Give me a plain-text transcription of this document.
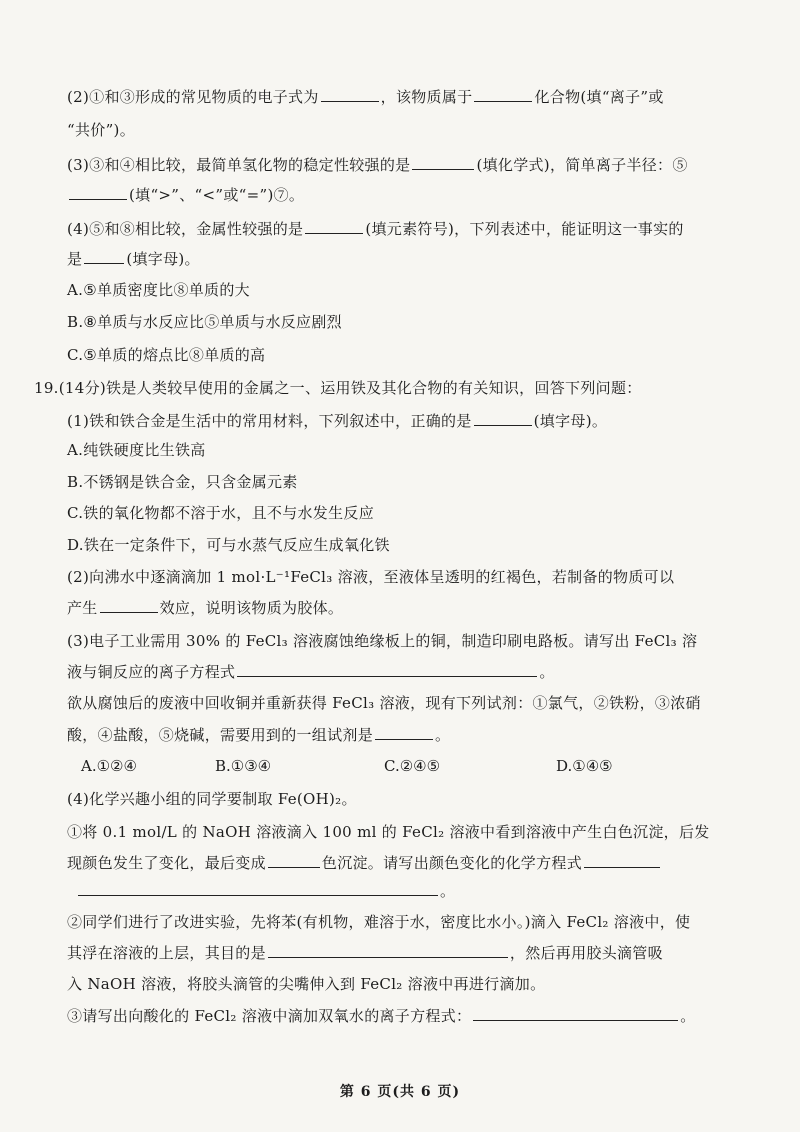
(2)①和③形成的常见物质的电子式为	，该物质属于	化合物(填“离子”或
“共价”)。
(3)③和④相比较，最简单氢化物的稳定性较强的是	(填化学式)，简单离子半径：⑤
(填“>”、“<”或“=”)⑦。
(4)⑤和⑧相比较，金属性较强的是	(填元素符号)，下列表述中，能证明这一事实的
是	(填字母)。
A.⑤单质密度比⑧单质的大
B.⑧单质与水反应比⑤单质与水反应剧烈
C.⑤单质的熔点比⑧单质的高
19.(14分)铁是人类较早使用的金属之一、运用铁及其化合物的有关知识，回答下列问题：
(1)铁和铁合金是生活中的常用材料，下列叙述中，正确的是	(填字母)。
A.纯铁硬度比生铁高
B.不锈钢是铁合金，只含金属元素
C.铁的氧化物都不溶于水，且不与水发生反应
D.铁在一定条件下，可与水蒸气反应生成氧化铁
(2)向沸水中逐滴滴加 1 mol·L⁻¹FeCl₃ 溶液，至液体呈透明的红褐色，若制备的物质可以
产生	效应，说明该物质为胶体。
(3)电子工业需用 30% 的 FeCl₃ 溶液腐蚀绝缘板上的铜，制造印刷电路板。请写出 FeCl₃ 溶
液与铜反应的离子方程式	。
欲从腐蚀后的废液中回收铜并重新获得 FeCl₃ 溶液，现有下列试剂：①氯气，②铁粉，③浓硝
酸，④盐酸，⑤烧碱，需要用到的一组试剂是	。
A.①②④	B.①③④	C.②④⑤	D.①④⑤
(4)化学兴趣小组的同学要制取 Fe(OH)₂。
①将 0.1 mol/L 的 NaOH 溶液滴入 100 ml 的 FeCl₂ 溶液中看到溶液中产生白色沉淀，后发
现颜色发生了变化，最后变成	色沉淀。请写出颜色变化的化学方程式
。
②同学们进行了改进实验，先将苯(有机物，难溶于水，密度比水小。)滴入 FeCl₂ 溶液中，使
其浮在溶液的上层，其目的是	，然后再用胶头滴管吸
入 NaOH 溶液，将胶头滴管的尖嘴伸入到 FeCl₂ 溶液中再进行滴加。
③请写出向酸化的 FeCl₂ 溶液中滴加双氧水的离子方程式：	。
第 6 页(共 6 页)
